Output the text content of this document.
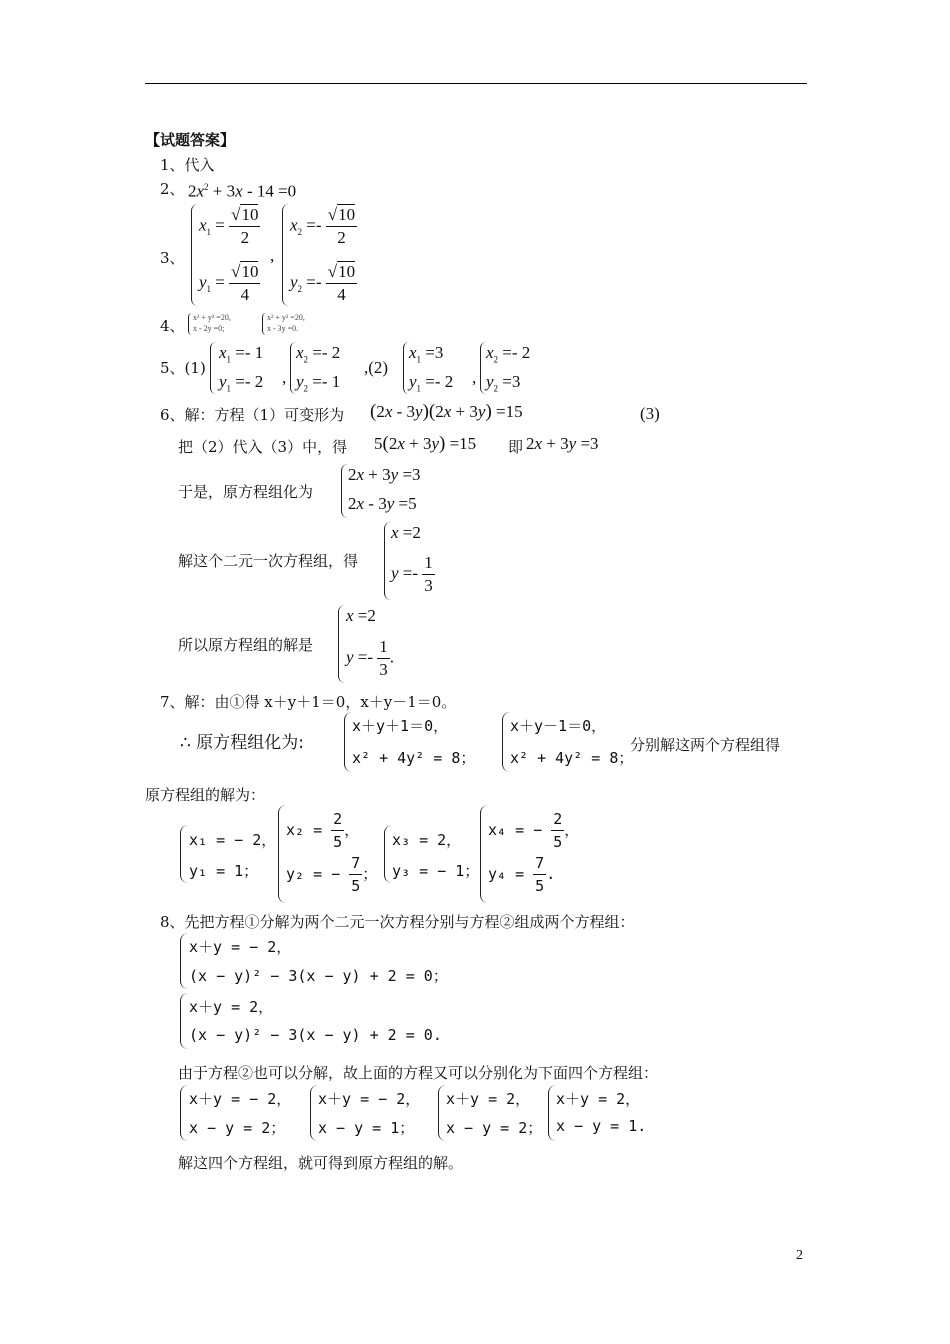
【试题答案】
1、代入
2、 $2x^2 + 3x - 14 =0$
3、
$x_1 = \frac{√10}{2}$
$y_1 = \frac{√10}{4}$
,
$x_2 =- \frac{√10}{2}$
$y_2 =- \frac{√10}{4}$
4、 x² + y² =20,
x - 2y =0;
x² + y² =20,
x - 3y =0.
5、(1)
$x_1 =- 1$
$y_1 =- 2$ ,
$x_2 =- 2$
$y_2 =- 1$
,(2)
$x_1 =3$
$y_1 =- 2$ ,
$x_2 =- 2$
$y_2 =3$
6、解：方程（1）可变形为 (2x - 3y)(2x + 3y) =15	(3)
把（2）代入（3）中，得 5(2x + 3y) =15 即 2x + 3y =3
于是，原方程组化为
2x + 3y =3
2x - 3y =5
解这个二元一次方程组，得
x =2
$y =- \frac{1}{3}$
所以原方程组的解是
x =2
$y =- \frac{1}{3}$ .
7、解：由①得 x＋y＋1＝0，x＋y－1＝0。
∴ 原方程组化为:
x＋y＋1＝0，
x² + 4y² = 8；
x＋y－1＝0，
x² + 4y² = 8；
分别解这两个方程组得
原方程组的解为：
x₁ = − 2，
y₁ = 1；
$x_2 = \frac{2}{5}$ ，
y₂ = − $\frac{7}{5}$ ；
x₃ = 2，
y₃ = − 1；
x₄ = − $\frac{2}{5}$ ，
$y_4 = \frac{7}{5}$ .
8、先把方程①分解为两个二元一次方程分别与方程②组成两个方程组：
x＋y = − 2，
(x − y)² − 3(x − y) + 2 = 0；
x＋y = 2，
(x − y)² − 3(x − y) + 2 = 0.
由于方程②也可以分解，故上面的方程又可以分别化为下面四个方程组：
x＋y = − 2，
x − y = 2；
x＋y = − 2，
x − y = 1；
x＋y = 2，
x − y = 2；
x＋y = 2，
x − y = 1.
解这四个方程组，就可得到原方程组的解。
2
